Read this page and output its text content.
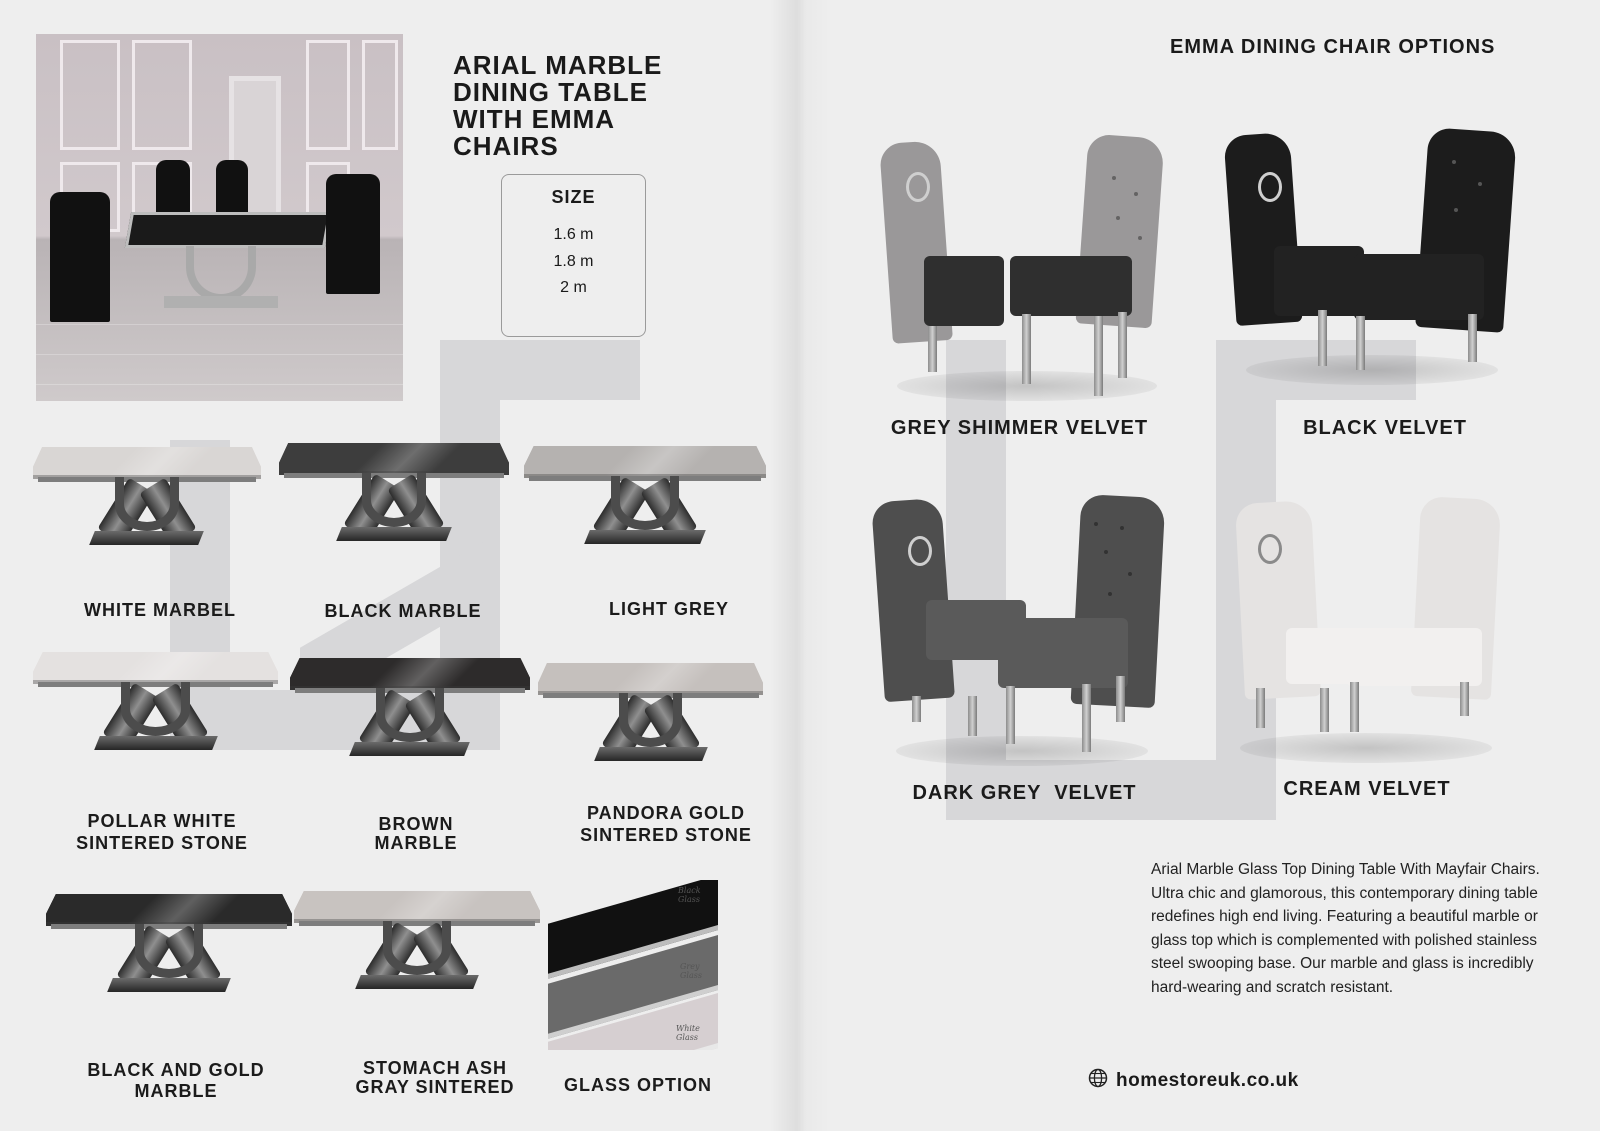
ARIAL MARBLE
DINING TABLE
WITH EMMA
CHAIRS
SIZE
1.6 m
1.8 m
2 m
WHITE MARBEL	BLACK MARBLE	LIGHT GREY
POLLAR WHITE
SINTERED STONE
BROWN
MARBLE
PANDORA GOLD
SINTERED STONE
BLACK AND GOLD
MARBLE
STOMACH ASH
GRAY SINTERED
Black Glass
Grey Glass
White Glass
GLASS OPTION
EMMA DINING CHAIR OPTIONS
GREY SHIMMER VELVET	BLACK VELVET
DARK GREY  VELVET	CREAM VELVET
Arial Marble Glass Top Dining Table With Mayfair Chairs. Ultra chic and glamorous, this contemporary dining table redefines high end living. Featuring a beautiful marble or glass top which is complemented with polished stainless steel swooping base. Our marble and glass is incredibly hard-wearing and scratch resistant.
homestoreuk.co.uk
